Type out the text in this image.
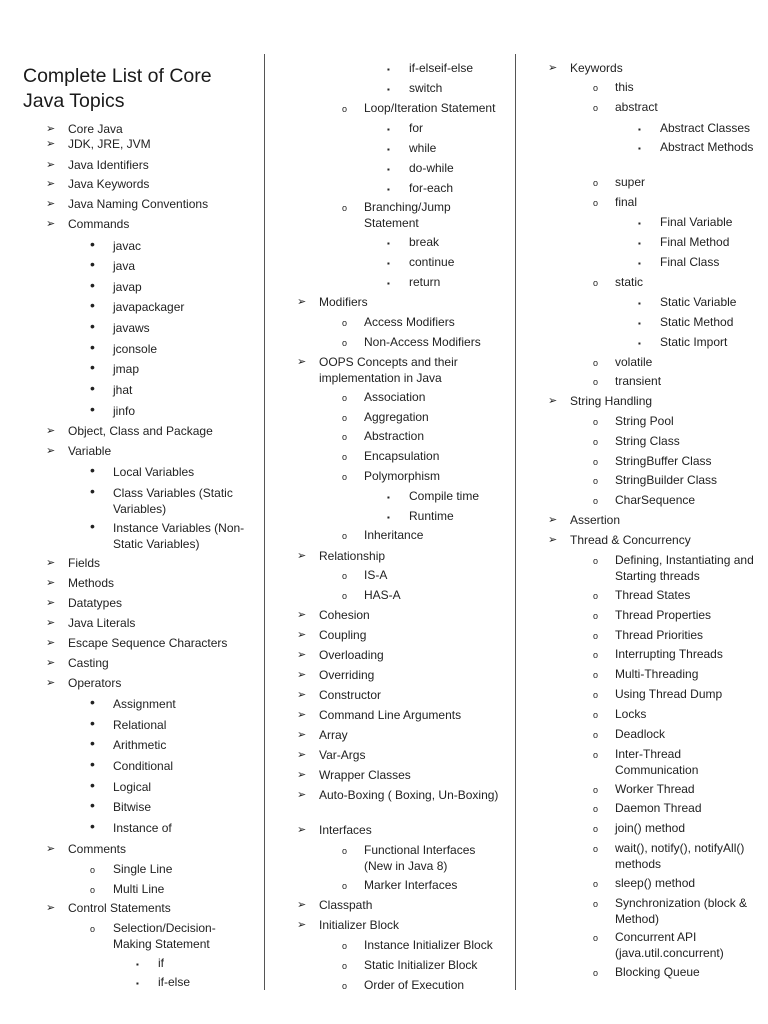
Complete List of Core Java Topics
➢ Core Java
➢ JDK, JRE, JVM
➢ Java Identifiers
➢ Java Keywords
➢ Java Naming Conventions
➢ Commands
• javac
• java
• javap
• javapackager
• javaws
• jconsole
• jmap
• jhat
• jinfo
➢ Object, Class and Package
➢ Variable
• Local Variables
• Class Variables (Static Variables)
• Instance Variables (Non-Static Variables)
➢ Fields
➢ Methods
➢ Datatypes
➢ Java Literals
➢ Escape Sequence Characters
➢ Casting
➢ Operators
• Assignment
• Relational
• Arithmetic
• Conditional
• Logical
• Bitwise
• Instance of
➢ Comments
o Single Line
o Multi Line
➢ Control Statements
o Selection/Decision-Making Statement
▪ if
▪ if-else
▪ if-elseif-else
▪ switch
o Loop/Iteration Statement
▪ for
▪ while
▪ do-while
▪ for-each
o Branching/Jump Statement
▪ break
▪ continue
▪ return
➢ Modifiers
o Access Modifiers
o Non-Access Modifiers
➢ OOPS Concepts and their implementation in Java
o Association
o Aggregation
o Abstraction
o Encapsulation
o Polymorphism
▪ Compile time
▪ Runtime
o Inheritance
➢ Relationship
o IS-A
o HAS-A
➢ Cohesion
➢ Coupling
➢ Overloading
➢ Overriding
➢ Constructor
➢ Command Line Arguments
➢ Array
➢ Var-Args
➢ Wrapper Classes
➢ Auto-Boxing ( Boxing, Un-Boxing)
➢ Interfaces
o Functional Interfaces (New in Java 8)
o Marker Interfaces
➢ Classpath
➢ Initializer Block
o Instance Initializer Block
o Static Initializer Block
o Order of Execution
➢ Keywords
o this
o abstract
▪ Abstract Classes
▪ Abstract Methods
o super
o final
▪ Final Variable
▪ Final Method
▪ Final Class
o static
▪ Static Variable
▪ Static Method
▪ Static Import
o volatile
o transient
➢ String Handling
o String Pool
o String Class
o StringBuffer Class
o StringBuilder Class
o CharSequence
➢ Assertion
➢ Thread & Concurrency
o Defining, Instantiating and Starting threads
o Thread States
o Thread Properties
o Thread Priorities
o Interrupting Threads
o Multi-Threading
o Using Thread Dump
o Locks
o Deadlock
o Inter-Thread Communication
o Worker Thread
o Daemon Thread
o join() method
o wait(), notify(), notifyAll() methods
o sleep() method
o Synchronization (block & Method)
o Concurrent API (java.util.concurrent)
o Blocking Queue
